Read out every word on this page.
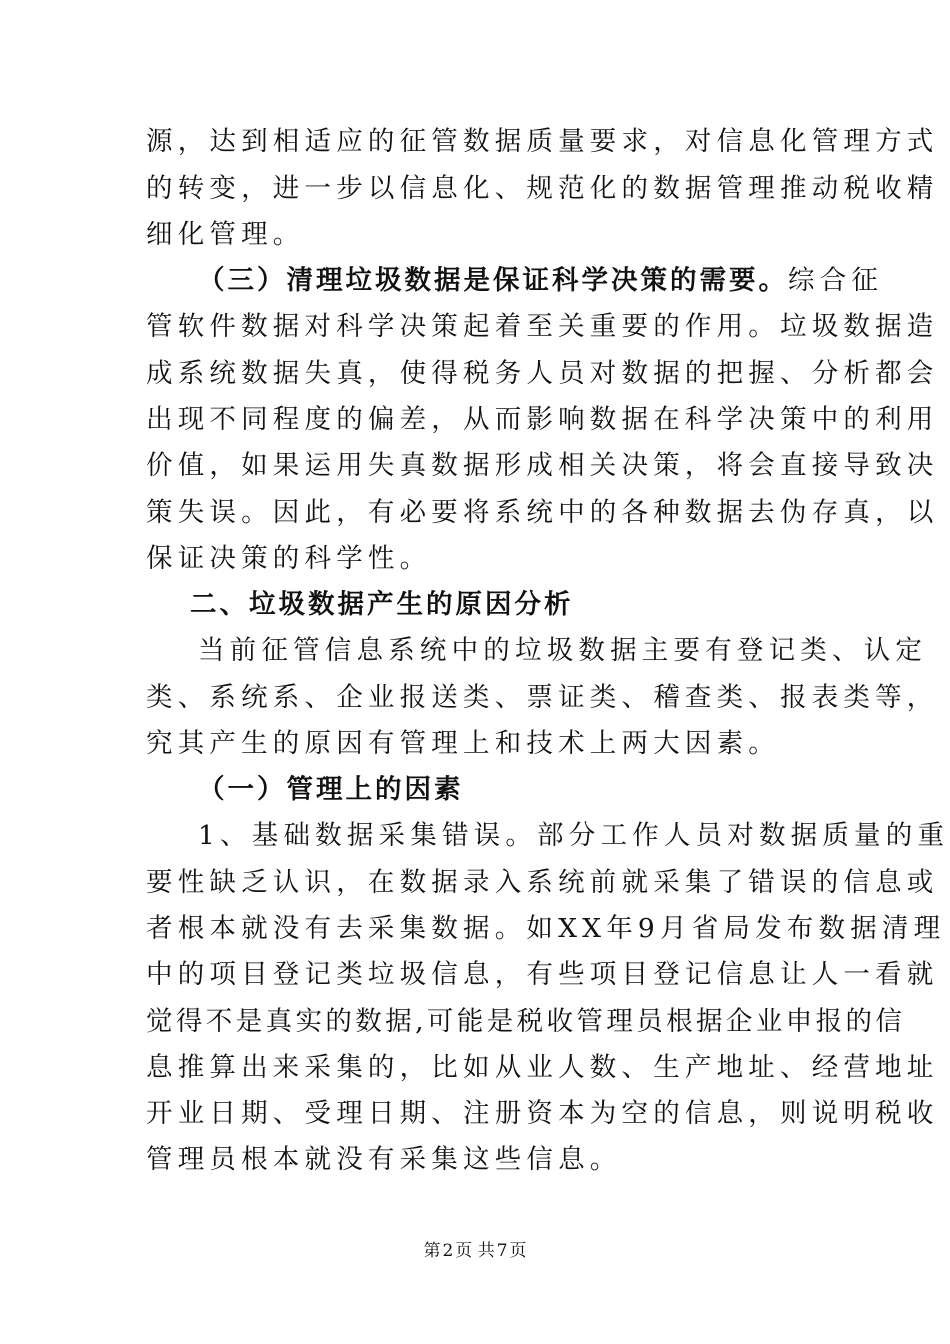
源，达到相适应的征管数据质量要求，对信息化管理方式
的转变，进一步以信息化、规范化的数据管理推动税收精
细化管理。
（三）清理垃圾数据是保证科学决策的需要。综合征
管软件数据对科学决策起着至关重要的作用。垃圾数据造
成系统数据失真，使得税务人员对数据的把握、分析都会
出现不同程度的偏差，从而影响数据在科学决策中的利用
价值，如果运用失真数据形成相关决策，将会直接导致决
策失误。因此，有必要将系统中的各种数据去伪存真，以
保证决策的科学性。
二、垃圾数据产生的原因分析
当前征管信息系统中的垃圾数据主要有登记类、认定
类、系统系、企业报送类、票证类、稽查类、报表类等，
究其产生的原因有管理上和技术上两大因素。
（一）管理上的因素
1、基础数据采集错误。部分工作人员对数据质量的重
要性缺乏认识，在数据录入系统前就采集了错误的信息或
者根本就没有去采集数据。如XX年9月省局发布数据清理
中的项目登记类垃圾信息，有些项目登记信息让人一看就
觉得不是真实的数据,可能是税收管理员根据企业申报的信
息推算出来采集的，比如从业人数、生产地址、经营地址
开业日期、受理日期、注册资本为空的信息，则说明税收
管理员根本就没有采集这些信息。
第 2 页 共 7 页
